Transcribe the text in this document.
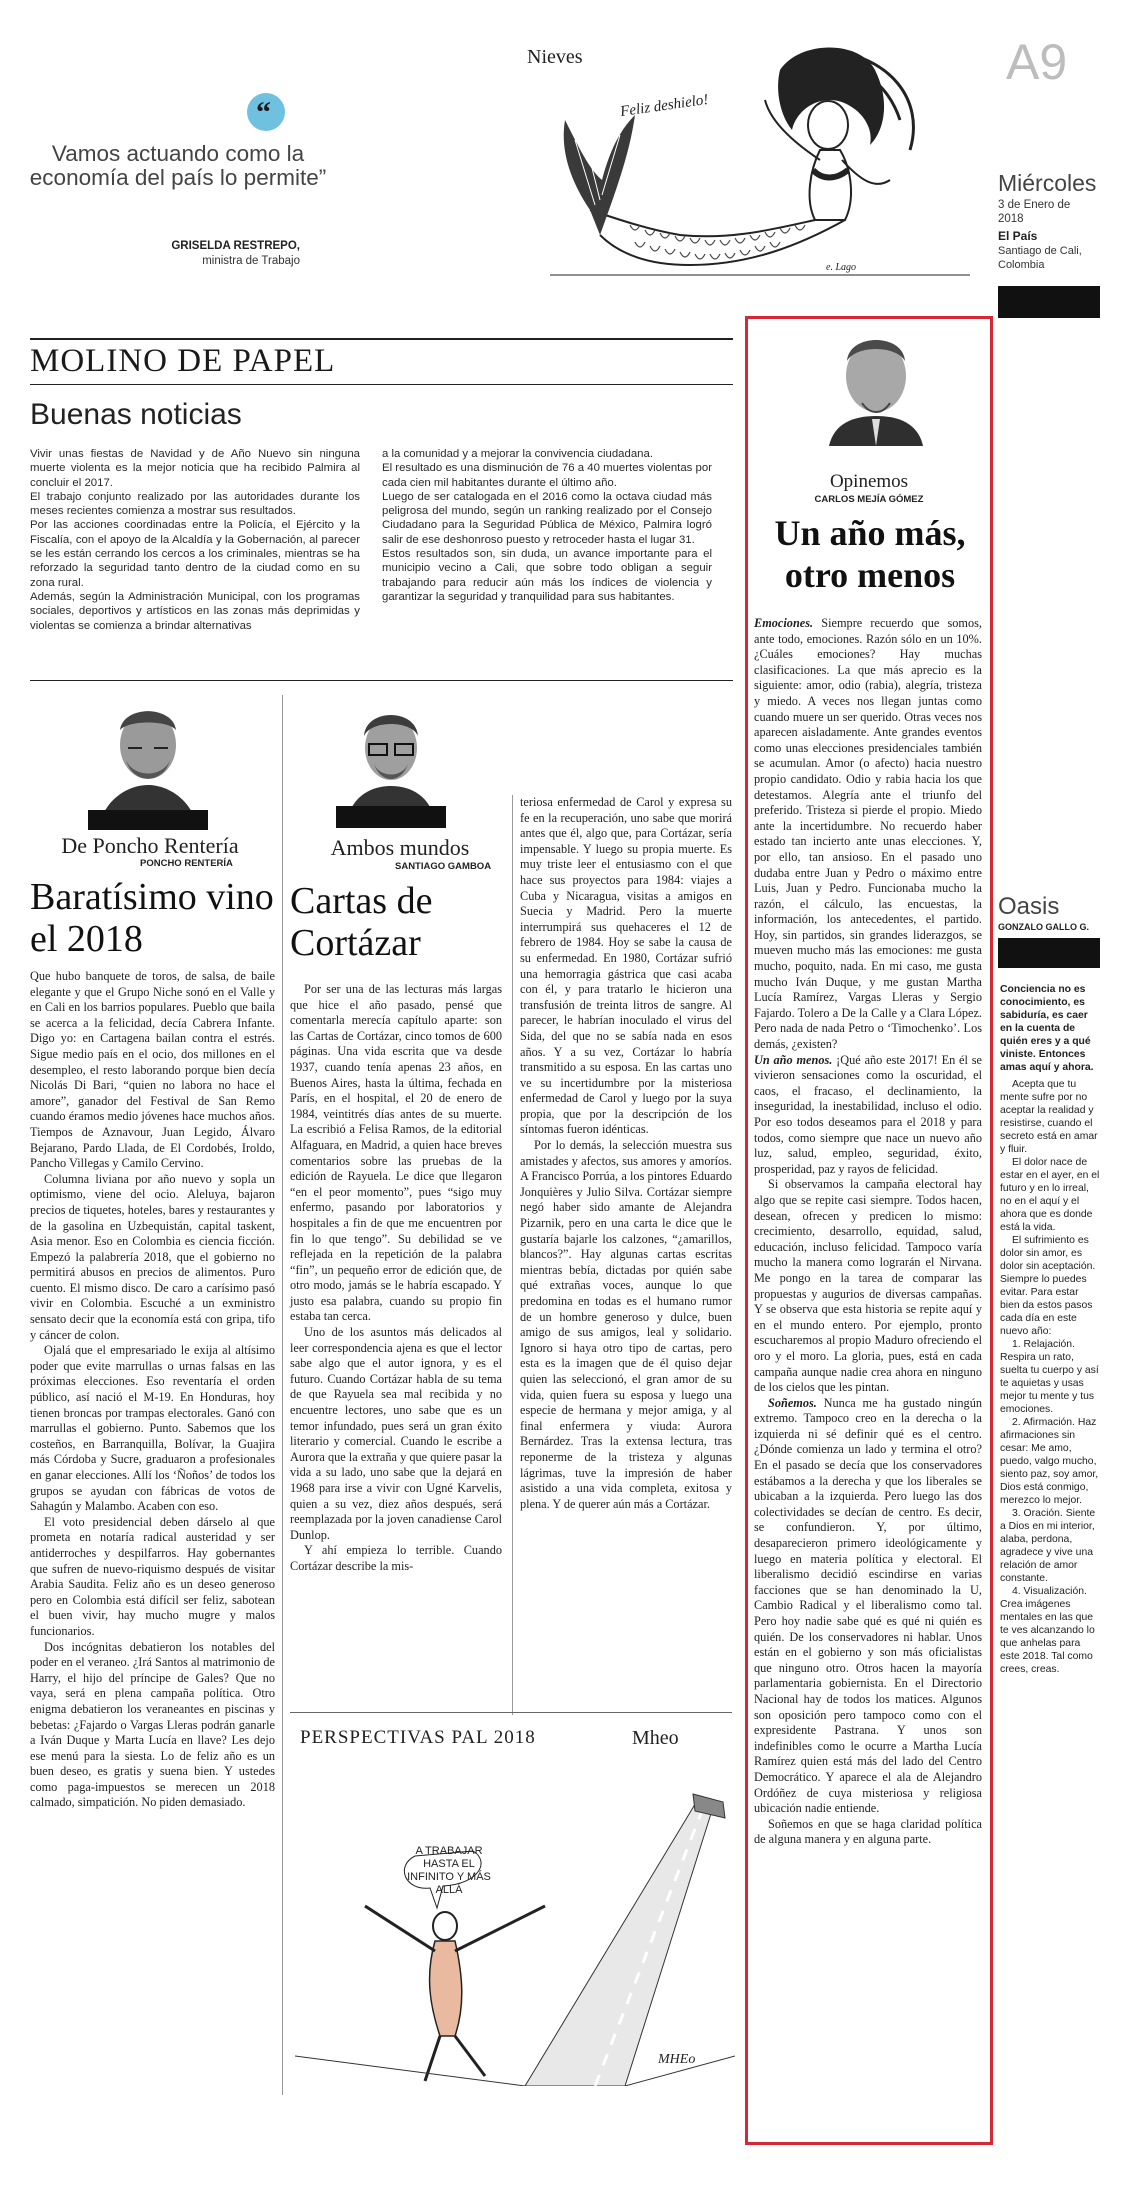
“
Vamos actuando como la economía del país lo permite”
GRISELDA RESTREPO,
ministra de Trabajo
Nieves
Feliz deshielo!
e. Lago
A9
Miércoles
3 de Enero de 2018
El País
Santiago de Cali, Colombia
MOLINO DE PAPEL
Buenas noticias

Vivir unas fiestas de Navidad y de Año Nuevo sin ninguna muerte violenta es la mejor noticia que ha recibido Palmira al concluir el 2017.

El trabajo conjunto realizado por las autoridades durante los meses recientes comienza a mostrar sus resultados.

Por las acciones coordinadas entre la Policía, el Ejército y la Fiscalía, con el apoyo de la Alcaldía y la Gobernación, al parecer se les están cerrando los cercos a los criminales, mientras se ha reforzado la seguridad tanto dentro de la ciudad como en su zona rural.

Además, según la Administración Municipal, con los programas sociales, deportivos y artísticos en las zonas más deprimidas y violentas se comienza a brindar alternativas

a la comunidad y a mejorar la convivencia ciudadana.

El resultado es una disminución de 76 a 40 muertes violentas por cada cien mil habitantes durante el último año.

Luego de ser catalogada en el 2016 como la octava ciudad más peligrosa del mundo, según un ranking realizado por el Consejo Ciudadano para la Seguridad Pública de México, Palmira logró salir de ese deshonroso puesto y retroceder hasta el lugar 31.

Estos resultados son, sin duda, un avance importante para el municipio vecino a Cali, que sobre todo obligan a seguir trabajando para reducir aún más los índices de violencia y garantizar la seguridad y tranquilidad para sus habitantes.

De Poncho Rentería
PONCHO RENTERÍA
Baratísimo vino el 2018

Que hubo banquete de toros, de salsa, de baile elegante y que el Grupo Niche sonó en el Valle y en Cali en los barrios populares. Pueblo que baila se acerca a la felicidad, decía Cabrera Infante. Digo yo: en Cartagena bailan contra el estrés. Sigue medio país en el ocio, dos millones en el desempleo, el resto laborando porque bien decía Nicolás Di Bari, “quien no labora no hace el amore”, ganador del Festival de San Remo cuando éramos medio jóvenes hace muchos años. Tiempos de Aznavour, Juan Legido, Álvaro Bejarano, Pardo Llada, de El Cordobés, Iroldo, Pancho Villegas y Camilo Cervino.

Columna liviana por año nuevo y sopla un optimismo, viene del ocio. Aleluya, bajaron precios de tiquetes, hoteles, bares y restaurantes y de la gasolina en Uzbequistán, capital taskent, Asia menor. Eso en Colombia es ciencia ficción. Empezó la palabrería 2018, que el gobierno no permitirá abusos en precios de alimentos. Puro cuento. El mismo disco. De caro a carísimo pasó vivir en Colombia. Escuché a un exministro sensato decir que la economía está con gripa, tifo y cáncer de colon.

Ojalá que el empresariado le exija al altísimo poder que evite marrullas o urnas falsas en las próximas elecciones. Eso reventaría el orden público, así nació el M-19. En Honduras, hoy tienen broncas por trampas electorales. Ganó con marrullas el gobierno. Punto. Sabemos que los costeños, en Barranquilla, Bolívar, la Guajira más Córdoba y Sucre, graduaron a profesionales en ganar elecciones. Allí los ‘Ñoños’ de todos los grupos se ayudan con fábricas de votos de Sahagún y Malambo. Acaben con eso.

El voto presidencial deben dárselo al que prometa en notaría radical austeridad y ser antiderroches y despilfarros. Hay gobernantes que sufren de nuevo-riquismo después de visitar Arabia Saudita. Feliz año es un deseo generoso pero en Colombia está difícil ser feliz, sabotean el buen vivir, hay mucho mugre y malos funcionarios.

Dos incógnitas debatieron los notables del poder en el veraneo. ¿Irá Santos al matrimonio de Harry, el hijo del príncipe de Gales? Que no vaya, será en plena campaña política. Otro enigma debatieron los veraneantes en piscinas y bebetas: ¿Fajardo o Vargas Lleras podrán ganarle a Iván Duque y Marta Lucía en llave? Les dejo ese menú para la siesta. Lo de feliz año es un buen deseo, es gratis y suena bien. Y ustedes como paga-impuestos se merecen un 2018 calmado, simpatición. No piden demasiado.

Ambos mundos
SANTIAGO GAMBOA
Cartas de Cortázar

Por ser una de las lecturas más largas que hice el año pasado, pensé que comentarla merecía capítulo aparte: son las Cartas de Cortázar, cinco tomos de 600 páginas. Una vida escrita que va desde 1937, cuando tenía apenas 23 años, en Buenos Aires, hasta la última, fechada en París, en el hospital, el 20 de enero de 1984, veintitrés días antes de su muerte. La escribió a Felisa Ramos, de la editorial Alfaguara, en Madrid, a quien hace breves comentarios sobre las pruebas de la edición de Rayuela. Le dice que llegaron “en el peor momento”, pues “sigo muy enfermo, pasando por laboratorios y hospitales a fin de que me encuentren por fin lo que tengo”. Su debilidad se ve reflejada en la repetición de la palabra “fin”, un pequeño error de edición que, de otro modo, jamás se le habría escapado. Y justo esa palabra, cuando su propio fin estaba tan cerca.

Uno de los asuntos más delicados al leer correspondencia ajena es que el lector sabe algo que el autor ignora, y es el futuro. Cuando Cortázar habla de su tema de que Rayuela sea mal recibida y no encuentre lectores, uno sabe que es un temor infundado, pues será un gran éxito literario y comercial. Cuando le escribe a Aurora que la extraña y que quiere pasar la vida a su lado, uno sabe que la dejará en 1968 para irse a vivir con Ugné Karvelis, quien a su vez, diez años después, será reemplazada por la joven canadiense Carol Dunlop.

Y ahí empieza lo terrible. Cuando Cortázar describe la mis-

teriosa enfermedad de Carol y expresa su fe en la recuperación, uno sabe que morirá antes que él, algo que, para Cortázar, sería impensable. Y luego su propia muerte. Es muy triste leer el entusiasmo con el que hace sus proyectos para 1984: viajes a Cuba y Nicaragua, visitas a amigos en Suecia y Madrid. Pero la muerte interrumpirá sus quehaceres el 12 de febrero de 1984. Hoy se sabe la causa de su enfermedad. En 1980, Cortázar sufrió una hemorragia gástrica que casi acaba con él, y para tratarlo le hicieron una transfusión de treinta litros de sangre. Al parecer, le habrían inoculado el virus del Sida, del que no se sabía nada en esos años. Y a su vez, Cortázar lo habría transmitido a su esposa. En las cartas uno ve su incertidumbre por la misteriosa enfermedad de Carol y luego por la suya propia, que por la descripción de los síntomas fueron idénticas.

Por lo demás, la selección muestra sus amistades y afectos, sus amores y amoríos. A Francisco Porrúa, a los pintores Eduardo Jonquières y Julio Silva. Cortázar siempre negó haber sido amante de Alejandra Pizarnik, pero en una carta le dice que le gustaría bajarle los calzones, “¿amarillos, blancos?”. Hay algunas cartas escritas mientras bebía, dictadas por quién sabe qué extrañas voces, aunque lo que predomina en todas es el humano rumor de un hombre generoso y dulce, buen amigo de sus amigos, leal y solidario. Ignoro si haya otro tipo de cartas, pero esta es la imagen que de él quiso dejar quien las seleccionó, el gran amor de su vida, quien fuera su esposa y luego una especie de hermana y mejor amiga, y al final enfermera y viuda: Aurora Bernárdez. Tras la extensa lectura, tras reponerme de la tristeza y algunas lágrimas, tuve la impresión de haber asistido a una vida completa, exitosa y plena. Y de querer aún más a Cortázar.

PERSPECTIVAS PAL 2018	Mheo
A TRABAJAR HASTA EL INFINITO Y MÁS ALLÁ
MHEo
Opinemos
CARLOS MEJÍA GÓMEZ
Un año más, otro menos

Emociones. Siempre recuerdo que somos, ante todo, emociones. Razón sólo en un 10%. ¿Cuáles emociones? Hay muchas clasificaciones. La que más aprecio es la siguiente: amor, odio (rabia), alegría, tristeza y miedo. A veces nos llegan juntas como cuando muere un ser querido. Otras veces nos aparecen aisladamente. Ante grandes eventos como unas elecciones presidenciales también se acumulan. Amor (o afecto) hacia nuestro propio candidato. Odio y rabia hacia los que detestamos. Alegría ante el triunfo del preferido. Tristeza si pierde el propio. Miedo ante la incertidumbre. No recuerdo haber estado tan incierto ante unas elecciones. Y, por ello, tan ansioso. En el pasado uno dudaba entre Juan y Pedro o máximo entre Luis, Juan y Pedro. Funcionaba mucho la razón, el cálculo, las encuestas, la información, los antecedentes, el partido. Hoy, sin partidos, sin grandes liderazgos, se mueven mucho más las emociones: me gusta mucho, poquito, nada. En mi caso, me gusta mucho Iván Duque, y me gustan Martha Lucía Ramírez, Vargas Lleras y Sergio Fajardo. Tolero a De la Calle y a Clara López. Pero nada de nada Petro o ‘Timochenko’. Los demás, ¿existen?

Un año menos. ¡Qué año este 2017! En él se vivieron sensaciones como la oscuridad, el caos, el fracaso, el declinamiento, la inseguridad, la inestabilidad, incluso el odio. Por eso todos deseamos para el 2018 y para todos, como siempre que nace un nuevo año luz, salud, empleo, seguridad, éxito, prosperidad, paz y rayos de felicidad.

Si observamos la campaña electoral hay algo que se repite casi siempre. Todos hacen, desean, ofrecen y predicen lo mismo: crecimiento, desarrollo, equidad, salud, educación, incluso felicidad. Tampoco varía mucho la manera como lograrán el Nirvana. Me pongo en la tarea de comparar las propuestas y augurios de diversas campañas. Y se observa que esta historia se repite aquí y en el mundo entero. Por ejemplo, pronto escucharemos al propio Maduro ofreciendo el oro y el moro. La gloria, pues, está en cada campaña aunque nadie crea ahora en ninguno de los cielos que les pintan.

Soñemos. Nunca me ha gustado ningún extremo. Tampoco creo en la derecha o la izquierda ni sé definir qué es el centro. ¿Dónde comienza un lado y termina el otro? En el pasado se decía que los conservadores estábamos a la derecha y que los liberales se ubicaban a la izquierda. Pero luego las dos colectividades se decían de centro. Es decir, se confundieron. Y, por último, desaparecieron primero ideológicamente y luego en materia política y electoral. El liberalismo decidió escindirse en varias facciones que se han denominado la U, Cambio Radical y el liberalismo como tal. Pero hoy nadie sabe qué es qué ni quién es quién. De los conservadores ni hablar. Unos están en el gobierno y son más oficialistas que ninguno otro. Otros hacen la mayoría parlamentaria gobiernista. En el Directorio Nacional hay de todos los matices. Algunos son oposición pero tampoco como con el expresidente Pastrana. Y unos son indefinibles como le ocurre a Martha Lucía Ramírez quien está más del lado del Centro Democrático. Y aparece el ala de Alejandro Ordóñez de cuya misteriosa y religiosa ubicación nadie entiende.

Soñemos en que se haga claridad política de alguna manera y en alguna parte.

Oasis
GONZALO GALLO G.

Conciencia no es conocimiento, es sabiduría, es caer en la cuenta de quién eres y a qué viniste. Entonces amas aquí y ahora.

Acepta que tu mente sufre por no aceptar la realidad y resistirse, cuando el secreto está en amar y fluir.

El dolor nace de estar en el ayer, en el futuro y en lo irreal, no en el aquí y el ahora que es donde está la vida.

El sufrimiento es dolor sin amor, es dolor sin aceptación. Siempre lo puedes evitar. Para estar bien da estos pasos cada día en este nuevo año:

1. Relajación. Respira un rato, suelta tu cuerpo y así te aquietas y usas mejor tu mente y tus emociones.

2. Afirmación. Haz afirmaciones sin cesar: Me amo, puedo, valgo mucho, siento paz, soy amor, Dios está conmigo, merezco lo mejor.

3. Oración. Siente a Dios en mi interior, alaba, perdona, agradece y vive una relación de amor constante.

4. Visualización. Crea imágenes mentales en las que te ves alcanzando lo que anhelas para este 2018. Tal como crees, creas.
